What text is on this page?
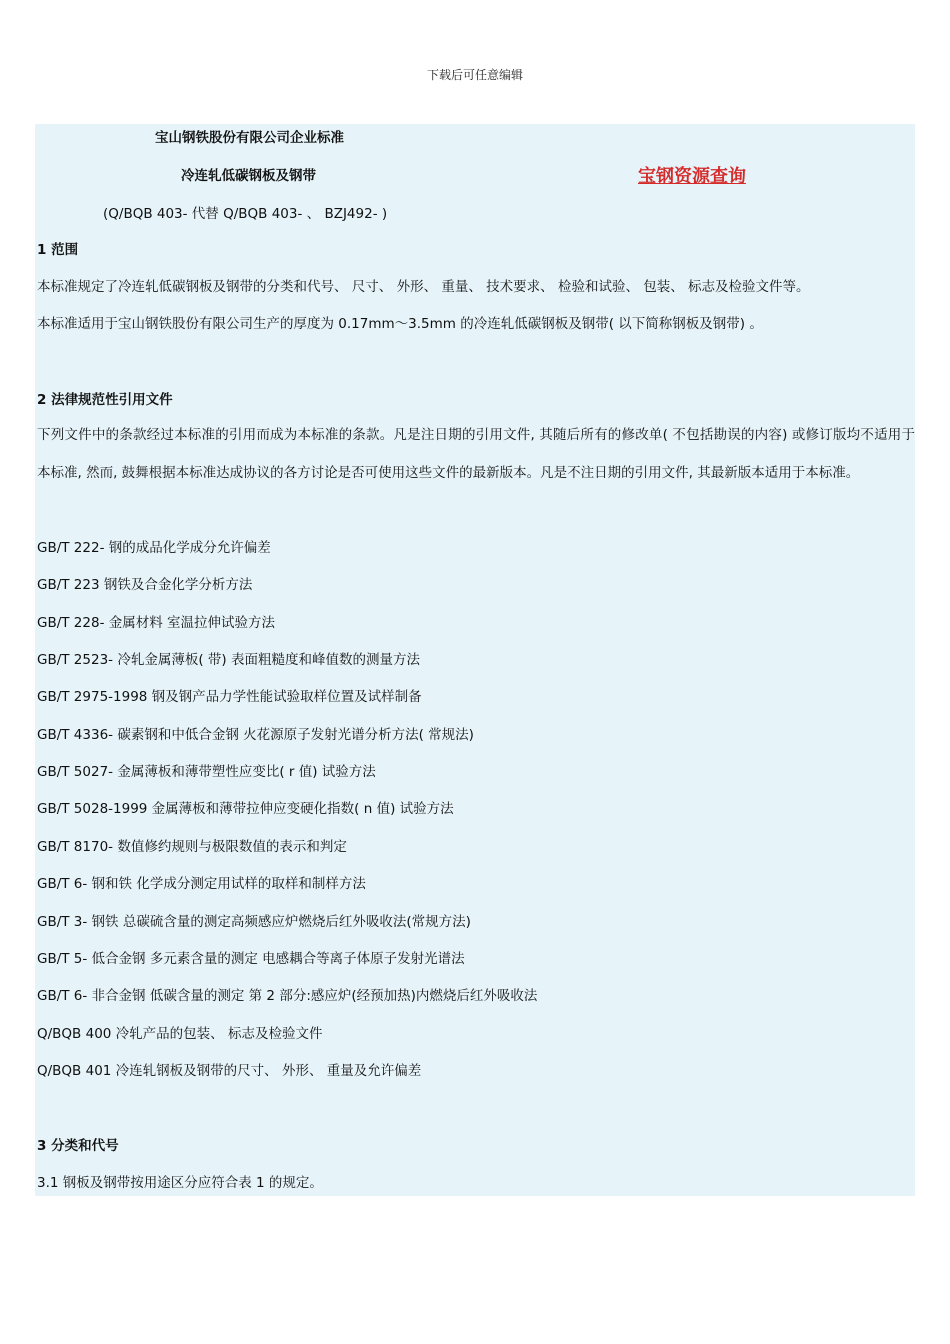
下载后可任意编辑
宝山钢铁股份有限公司企业标准
冷连轧低碳钢板及钢带	宝钢资源查询
(Q/BQB 403- 代替 Q/BQB 403- 、 BZJ492- )
1 范围
本标准规定了冷连轧低碳钢板及钢带的分类和代号、 尺寸、 外形、 重量、 技术要求、 检验和试验、 包装、 标志及检验文件等。
本标准适用于宝山钢铁股份有限公司生产的厚度为 0.17mm～3.5mm 的冷连轧低碳钢板及钢带( 以下简称钢板及钢带) 。
2 法律规范性引用文件
下列文件中的条款经过本标准的引用而成为本标准的条款。凡是注日期的引用文件, 其随后所有的修改单( 不包括勘误的内容) 或修订版均不适用于本标准, 然而, 鼓舞根据本标准达成协议的各方讨论是否可使用这些文件的最新版本。凡是不注日期的引用文件, 其最新版本适用于本标准。
GB/T 222- 钢的成品化学成分允许偏差
GB/T 223 钢铁及合金化学分析方法
GB/T 228- 金属材料 室温拉伸试验方法
GB/T 2523- 冷轧金属薄板( 带) 表面粗糙度和峰值数的测量方法
GB/T 2975-1998 钢及钢产品力学性能试验取样位置及试样制备
GB/T 4336- 碳素钢和中低合金钢 火花源原子发射光谱分析方法( 常规法)
GB/T 5027- 金属薄板和薄带塑性应变比( r 值) 试验方法
GB/T 5028-1999 金属薄板和薄带拉伸应变硬化指数( n 值) 试验方法
GB/T 8170- 数值修约规则与极限数值的表示和判定
GB/T 6- 钢和铁 化学成分测定用试样的取样和制样方法
GB/T 3- 钢铁 总碳硫含量的测定高频感应炉燃烧后红外吸收法(常规方法)
GB/T 5- 低合金钢 多元素含量的测定 电感耦合等离子体原子发射光谱法
GB/T 6- 非合金钢 低碳含量的测定 第 2 部分:感应炉(经预加热)内燃烧后红外吸收法
Q/BQB 400 冷轧产品的包装、 标志及检验文件
Q/BQB 401 冷连轧钢板及钢带的尺寸、 外形、 重量及允许偏差
3 分类和代号
3.1 钢板及钢带按用途区分应符合表 1 的规定。
